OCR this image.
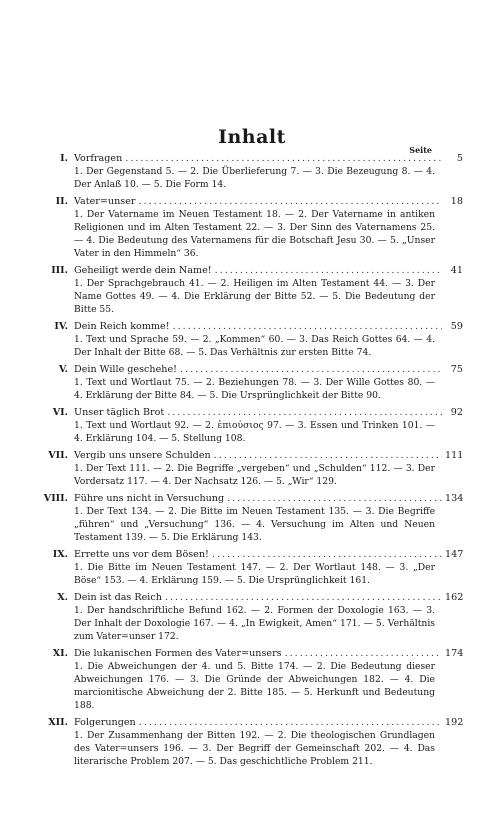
Inhalt
Seite
I. Vorfragen .....	5
1. Der Gegenstand 5. — 2. Die Überlieferung 7. — 3. Die Bezeugung 8. — 4. Der Anlaß 10. — 5. Die Form 14.
II. Vater=unser .....	18
1. Der Vatername im Neuen Testament 18. — 2. Der Vatername in antiken Religionen und im Alten Testament 22. — 3. Der Sinn des Vaternamens 25. — 4. Die Bedeutung des Vaternamens für die Botschaft Jesu 30. — 5. „Unser Vater in den Himmeln“ 36.
III. Geheiligt werde dein Name! .....	41
1. Der Sprachgebrauch 41. — 2. Heiligen im Alten Testament 44. — 3. Der Name Gottes 49. — 4. Die Erklärung der Bitte 52. — 5. Die Bedeutung der Bitte 55.
IV. Dein Reich komme! .....	59
1. Text und Sprache 59. — 2. „Kommen“ 60. — 3. Das Reich Gottes 64. — 4. Der Inhalt der Bitte 68. — 5. Das Verhältnis zur ersten Bitte 74.
V. Dein Wille geschehe! .....	75
1. Text und Wortlaut 75. — 2. Beziehungen 78. — 3. Der Wille Gottes 80. — 4. Erklärung der Bitte 84. — 5. Die Ursprünglichkeit der Bitte 90.
VI. Unser täglich Brot .....	92
1. Text und Wortlaut 92. — 2. ἐπιούσιος 97. — 3. Essen und Trinken 101. — 4. Erklärung 104. — 5. Stellung 108.
VII. Vergib uns unsere Schulden .....	111
1. Der Text 111. — 2. Die Begriffe „vergeben“ und „Schulden“ 112. — 3. Der Vordersatz 117. — 4. Der Nachsatz 126. — 5. „Wir“ 129.
VIII. Führe uns nicht in Versuchung .....	134
1. Der Text 134. — 2. Die Bitte im Neuen Testament 135. — 3. Die Begriffe „führen“ und „Versuchung“ 136. — 4. Versuchung im Alten und Neuen Testament 139. — 5. Die Erklärung 143.
IX. Errette uns vor dem Bösen! .....	147
1. Die Bitte im Neuen Testament 147. — 2. Der Wortlaut 148. — 3. „Der Böse“ 153. — 4. Erklärung 159. — 5. Die Ursprünglichkeit 161.
X. Dein ist das Reich .....	162
1. Der handschriftliche Befund 162. — 2. Formen der Doxologie 163. — 3. Der Inhalt der Doxologie 167. — 4. „In Ewigkeit, Amen“ 171. — 5. Verhältnis zum Vater=unser 172.
XI. Die lukanischen Formen des Vater=unsers .....	174
1. Die Abweichungen der 4. und 5. Bitte 174. — 2. Die Bedeutung dieser Abweichungen 176. — 3. Die Gründe der Abweichungen 182. — 4. Die marcionitische Abweichung der 2. Bitte 185. — 5. Herkunft und Bedeutung 188.
XII. Folgerungen .....	192
1. Der Zusammenhang der Bitten 192. — 2. Die theologischen Grundlagen des Vater=unsers 196. — 3. Der Begriff der Gemeinschaft 202. — 4. Das literarische Problem 207. — 5. Das geschichtliche Problem 211.
